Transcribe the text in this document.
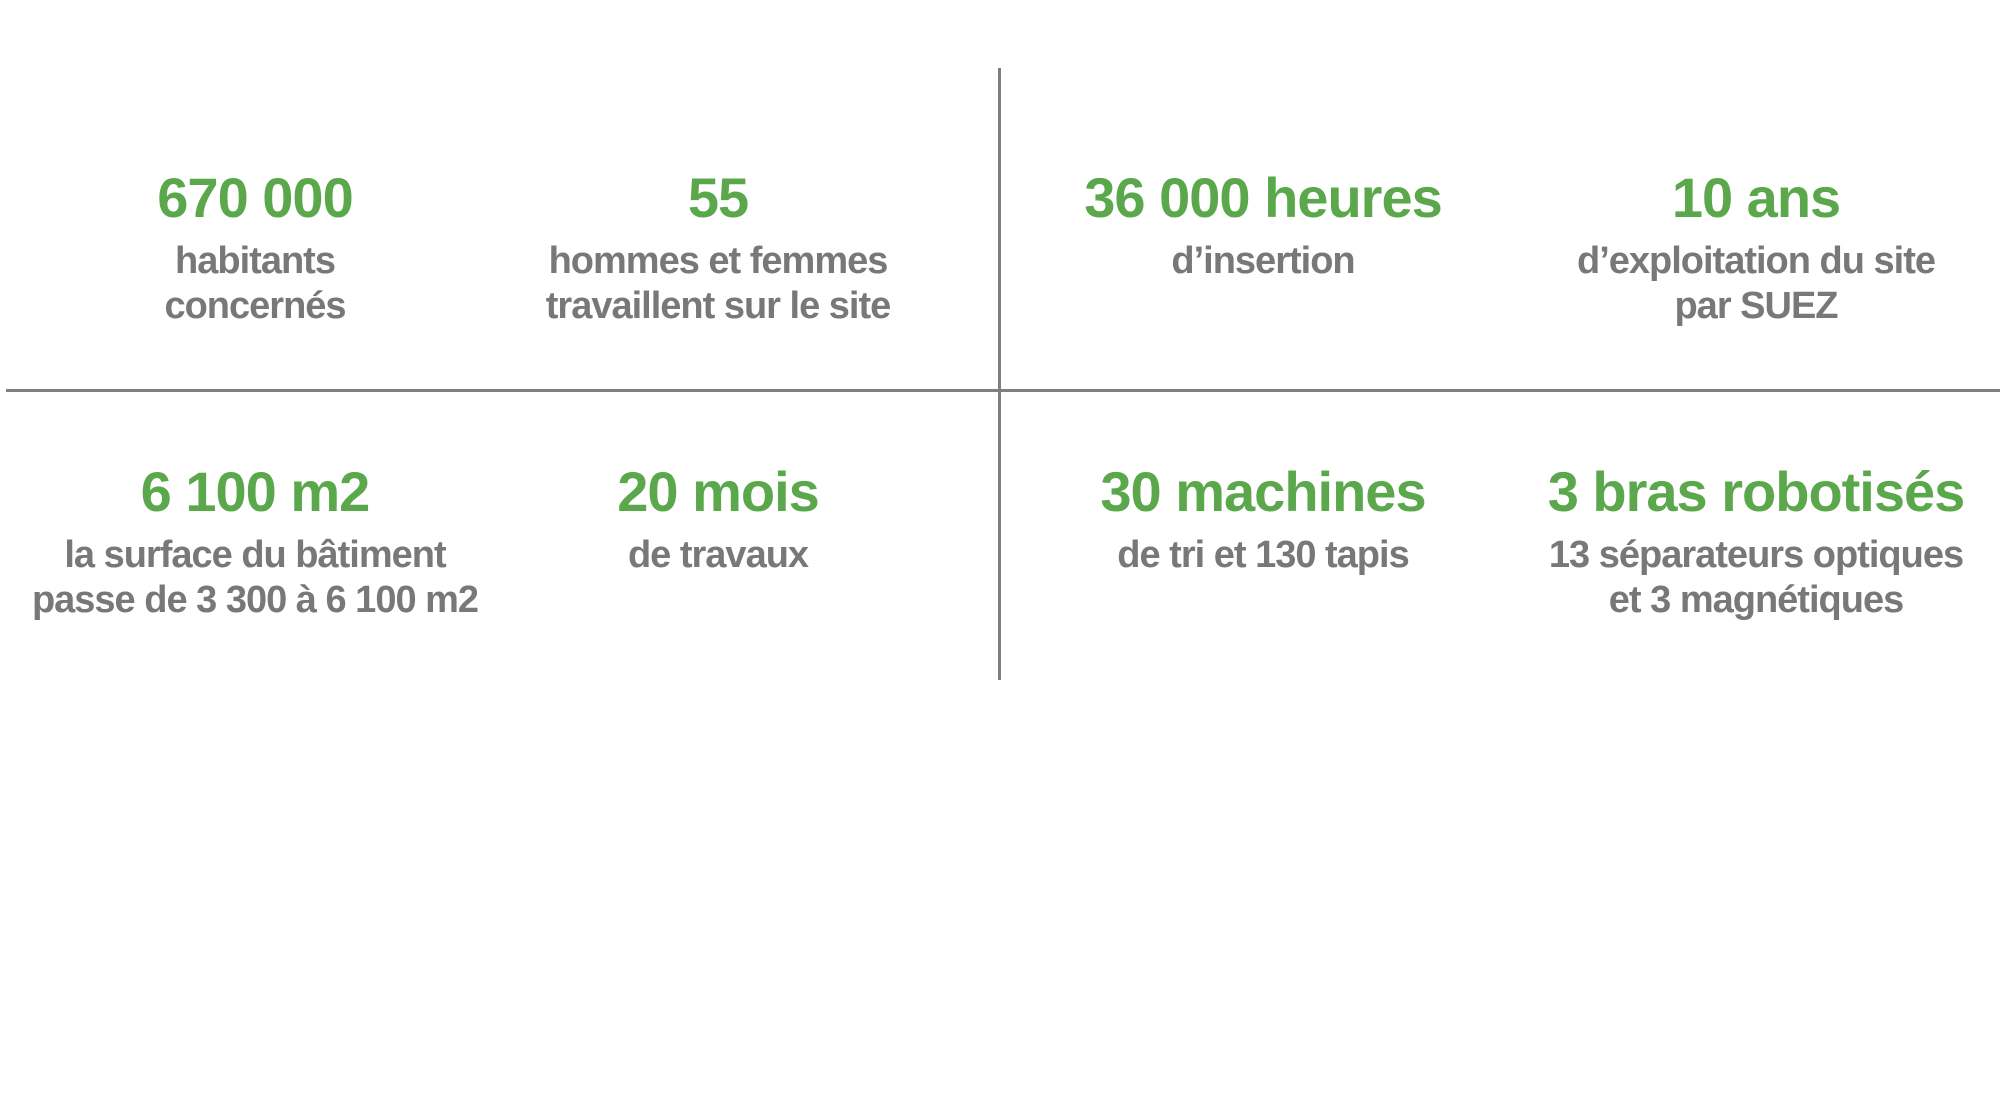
670 000
habitants
concernés
55
hommes et femmes
travaillent sur le site
36 000 heures
d’insertion
10 ans
d’exploitation du site
par SUEZ
6 100 m2
la surface du bâtiment
passe de 3 300 à 6 100 m2
20 mois
de travaux
30 machines
de tri et 130 tapis
3 bras robotisés
13 séparateurs optiques
et 3 magnétiques
